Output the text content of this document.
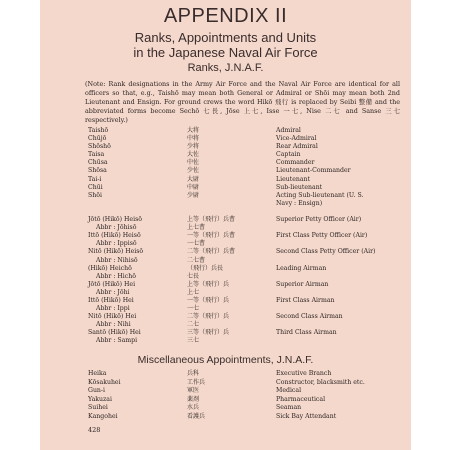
APPENDIX II
Ranks, Appointments and Units
in the Japanese Naval Air Force
Ranks, J.N.A.F.

(Note: Rank designations in the Army Air Force and the Naval Air Force are identical for all officers so that, e.g., Taishō may mean both General or Admiral or Shōi may mean both 2nd Lieutenant and Ensign. For ground crews the word Hikō 飛行 is replaced by Seibi 整備 and the abbreviated forms become Sechō 七長, Jōse 上七, Isse 一七, Nise 二七 and Sanse 三七 respectively.)

Taishō	大将	Admiral
Chūjō	中将	Vice-Admiral
Shōshō	少将	Rear Admiral
Taisa	大佐	Captain
Chūsa	中佐	Commander
Shōsa	少佐	Lieutenant-Commander
Tai-i	大尉	Lieutenant
Chūi	中尉	Sub-lieutenant
Shōi	少尉	Acting Sub-lieutenant (U. S.
Navy : Ensign)
Jōtō (Hikō) Heisō	上等（飛行）兵曹	Superior Petty Officer (Air)
Abbr : Jōhisō	上七曹
Ittō (Hikō) Heisō	一等（飛行）兵曹	First Class Petty Officer (Air)
Abbr : Ippisō	一七曹
Nitō (Hikō) Heisō	二等（飛行）兵曹	Second Class Petty Officer (Air)
Abbr : Nihisō	二七曹
(Hikō) Heichō	（飛行）兵長	Leading Airman
Abbr : Hichō	七長
Jōtō (Hikō) Hei	上等（飛行）兵	Superior Airman
Abbr : Jōhi	上七
Ittō (Hikō) Hei	一等（飛行）兵	First Class Airman
Abbr : Ippi	一七
Nitō (Hikō) Hei	二等（飛行）兵	Second Class Airman
Abbr : Nihi	二七
Santō (Hikō) Hei	三等（飛行）兵	Third Class Airman
Abbr : Sampi	三七
Miscellaneous Appointments, J.N.A.F.
Heika	兵科	Executive Branch
Kōsakuhei	工作兵	Constructor, blacksmith etc.
Gun-i	軍医	Medical
Yakuzai	薬剤	Pharmaceutical
Suihei	水兵	Seaman
Kangohei	看護兵	Sick Bay Attendant
428
